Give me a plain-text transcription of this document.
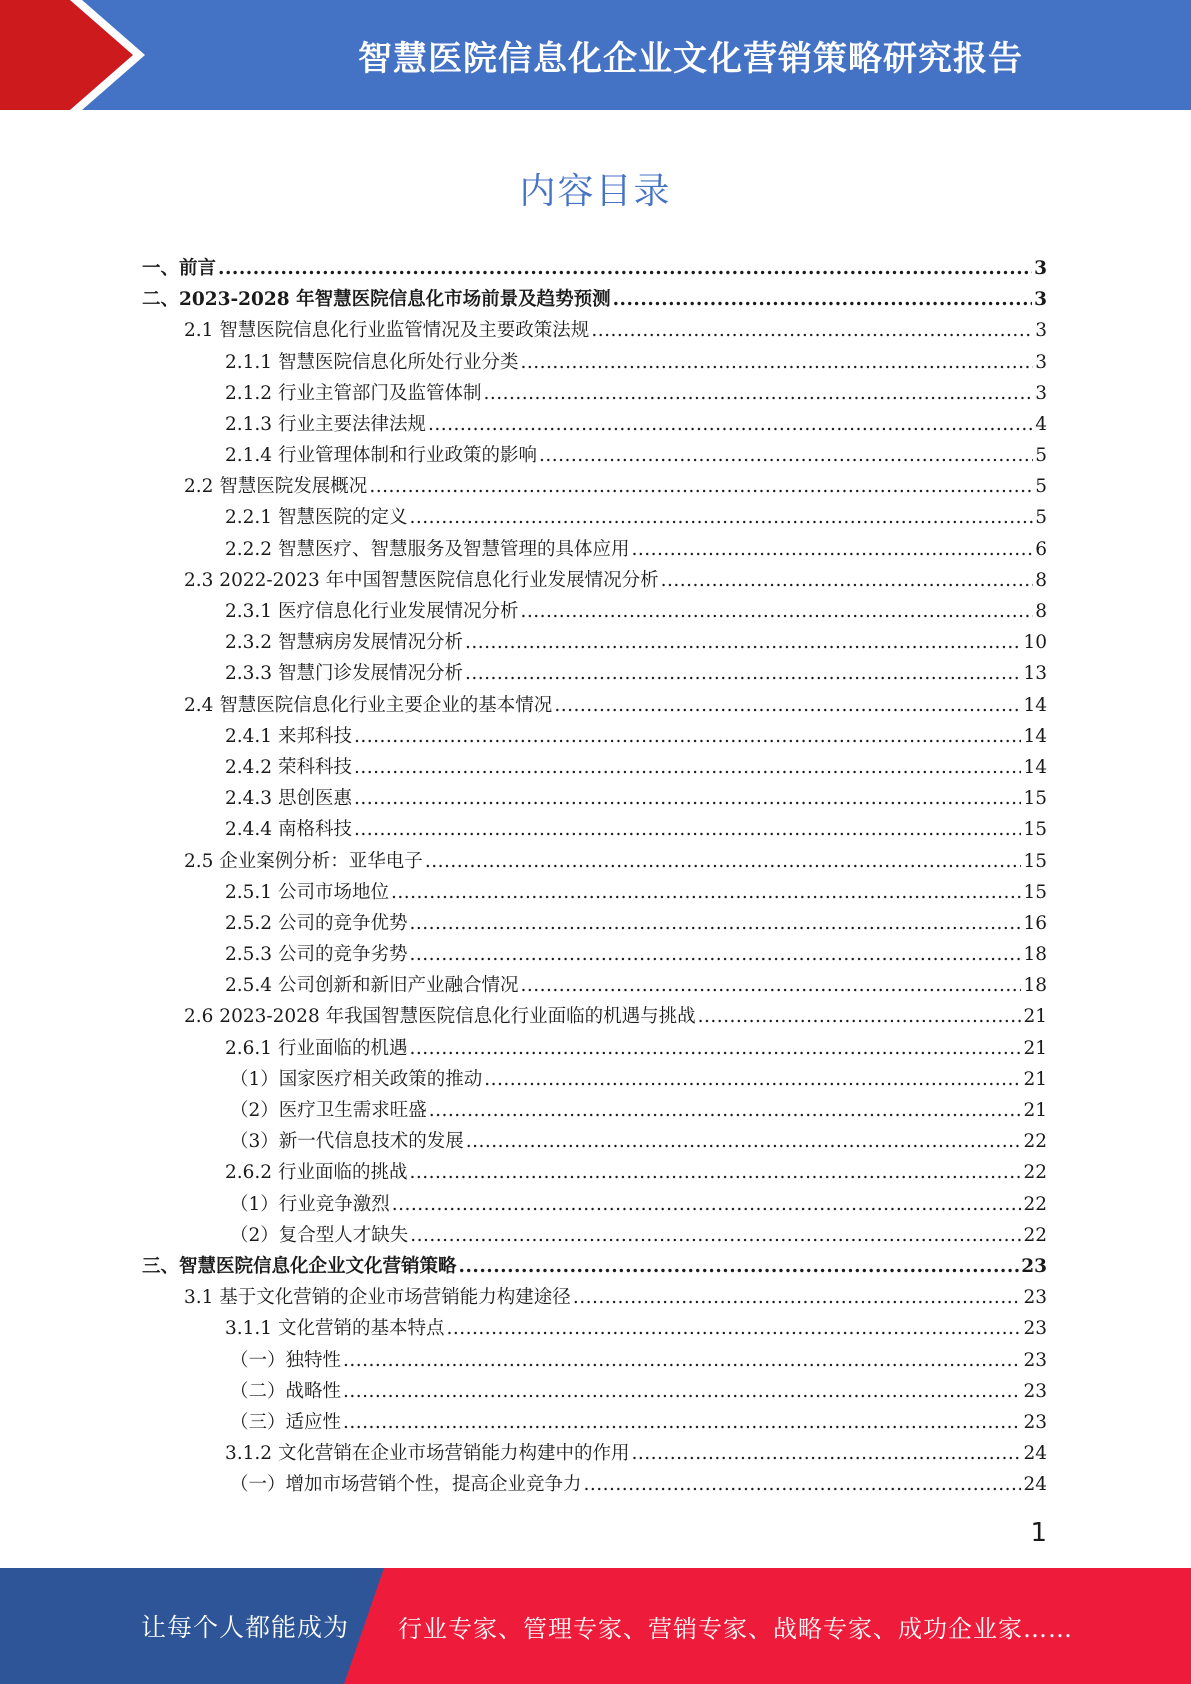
智慧医院信息化企业文化营销策略研究报告
内容目录
一、前言 .....	3
二、2023-2028 年智慧医院信息化市场前景及趋势预测 .....	3
2.1 智慧医院信息化行业监管情况及主要政策法规 .....	3
2.1.1 智慧医院信息化所处行业分类 .....	3
2.1.2 行业主管部门及监管体制 .....	3
2.1.3 行业主要法律法规 .....	4
2.1.4 行业管理体制和行业政策的影响 .....	5
2.2 智慧医院发展概况 .....	5
2.2.1 智慧医院的定义 .....	5
2.2.2 智慧医疗、智慧服务及智慧管理的具体应用 .....	6
2.3 2022-2023 年中国智慧医院信息化行业发展情况分析 .....	8
2.3.1 医疗信息化行业发展情况分析 .....	8
2.3.2 智慧病房发展情况分析 .....	10
2.3.3 智慧门诊发展情况分析 .....	13
2.4 智慧医院信息化行业主要企业的基本情况 .....	14
2.4.1 来邦科技 .....	14
2.4.2 荣科科技 .....	14
2.4.3 思创医惠 .....	15
2.4.4 南格科技 .....	15
2.5 企业案例分析：亚华电子 .....	15
2.5.1 公司市场地位 .....	15
2.5.2 公司的竞争优势 .....	16
2.5.3 公司的竞争劣势 .....	18
2.5.4 公司创新和新旧产业融合情况 .....	18
2.6 2023-2028 年我国智慧医院信息化行业面临的机遇与挑战 .....	21
2.6.1 行业面临的机遇 .....	21
（1）国家医疗相关政策的推动 .....	21
（2）医疗卫生需求旺盛 .....	21
（3）新一代信息技术的发展 .....	22
2.6.2 行业面临的挑战 .....	22
（1）行业竞争激烈 .....	22
（2）复合型人才缺失 .....	22
三、智慧医院信息化企业文化营销策略 .....	23
3.1 基于文化营销的企业市场营销能力构建途径 .....	23
3.1.1 文化营销的基本特点 .....	23
（一）独特性 .....	23
（二）战略性 .....	23
（三）适应性 .....	23
3.1.2 文化营销在企业市场营销能力构建中的作用 .....	24
（一）增加市场营销个性，提高企业竞争力 .....	24
1
让每个人都能成为 行业专家、管理专家、营销专家、战略专家、成功企业家……
